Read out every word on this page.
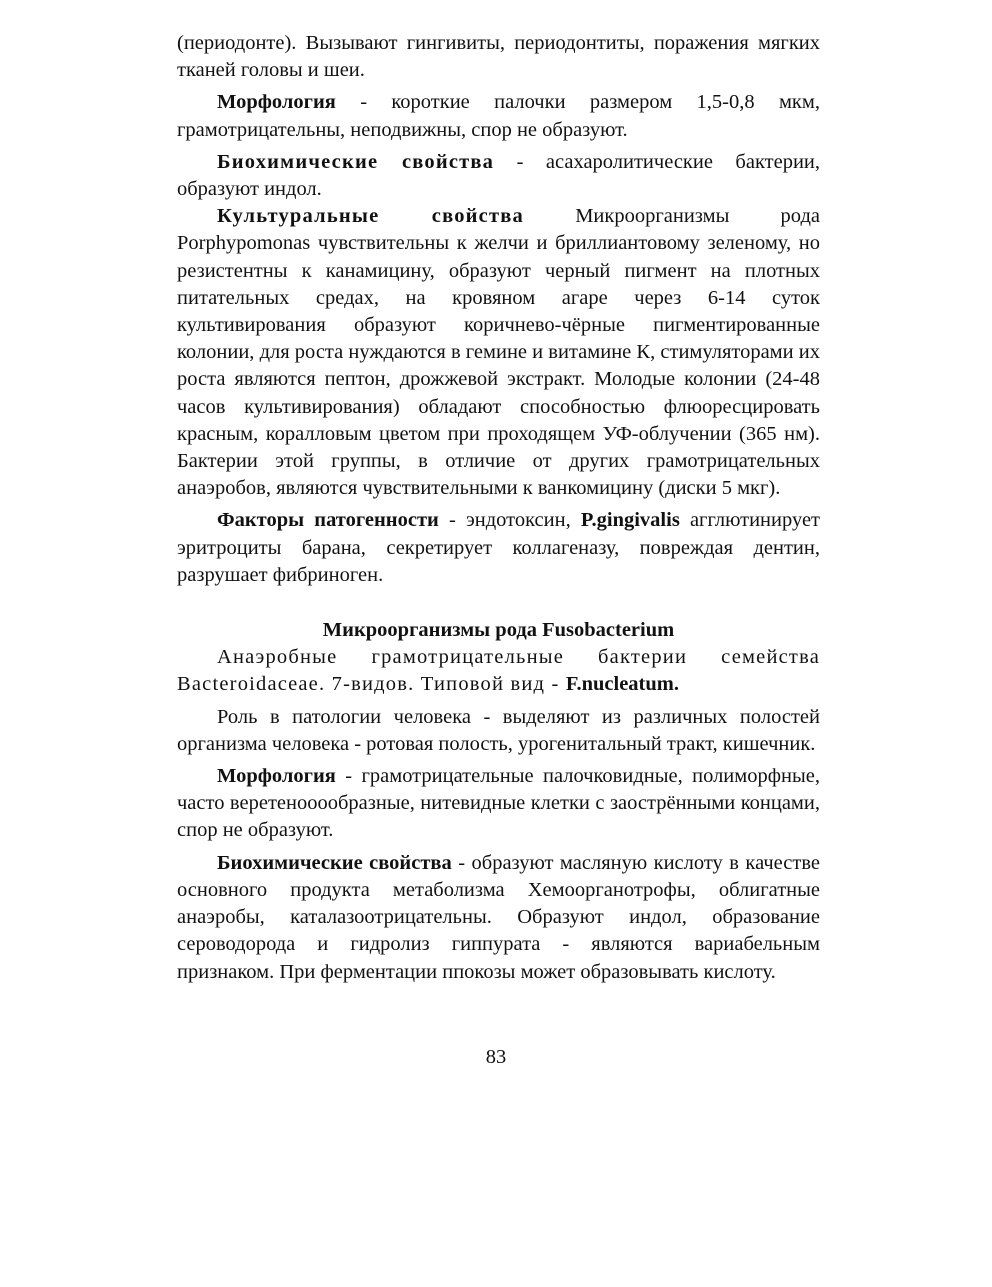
(периодонте). Вызывают гингивиты, периодонтиты, поражения мягких тканей головы и шеи.

Морфология - короткие палочки размером 1,5-0,8 мкм, грамотрицательны, неподвижны, спор не образуют.

Биохимические свойства - асахаролитические бактерии, образуют индол.

Культуральные свойства Микроорганизмы рода Porphypomonas чувствительны к желчи и бриллиантовому зеленому, но резистентны к канамицину, образуют черный пигмент на плотных питательных средах, на кровяном агаре через 6-14 суток культивирования образуют коричнево-чёрные пигментированные колонии, для роста нуждаются в гемине и витамине К, стимуляторами их роста являются пептон, дрожжевой экстракт. Молодые колонии (24-48 часов культивирования) обладают способностью флюоресцировать красным, коралловым цветом при проходящем УФ-облучении (365 нм). Бактерии этой группы, в отличие от других грамотрицательных анаэробов, являются чувствительными к ванкомицину (диски 5 мкг).

Факторы патогенности - эндотоксин, P.gingivalis агглютинирует эритроциты барана, секретирует коллагеназу, повреждая дентин, разрушает фибриноген.

Микроорганизмы рода Fusobacterium

Анаэробные грамотрицательные бактерии семейства Bacteroidaceae. 7-видов. Типовой вид - F.nucleatum.

Роль в патологии человека - выделяют из различных полостей организма человека - ротовая полость, урогенитальный тракт, кишечник.

Морфология - грамотрицательные палочковидные, полиморфные, часто веретенооообразные, нитевидные клетки с заострёнными концами, спор не образуют.

Биохимические свойства - образуют масляную кислоту в качестве основного продукта метаболизма Хемоорганотрофы, облигатные анаэробы, каталазоотрицательны. Образуют индол, образование сероводорода и гидролиз гиппурата - являются вариабельным признаком. При ферментации ппокозы может образовывать кислоту.

83
